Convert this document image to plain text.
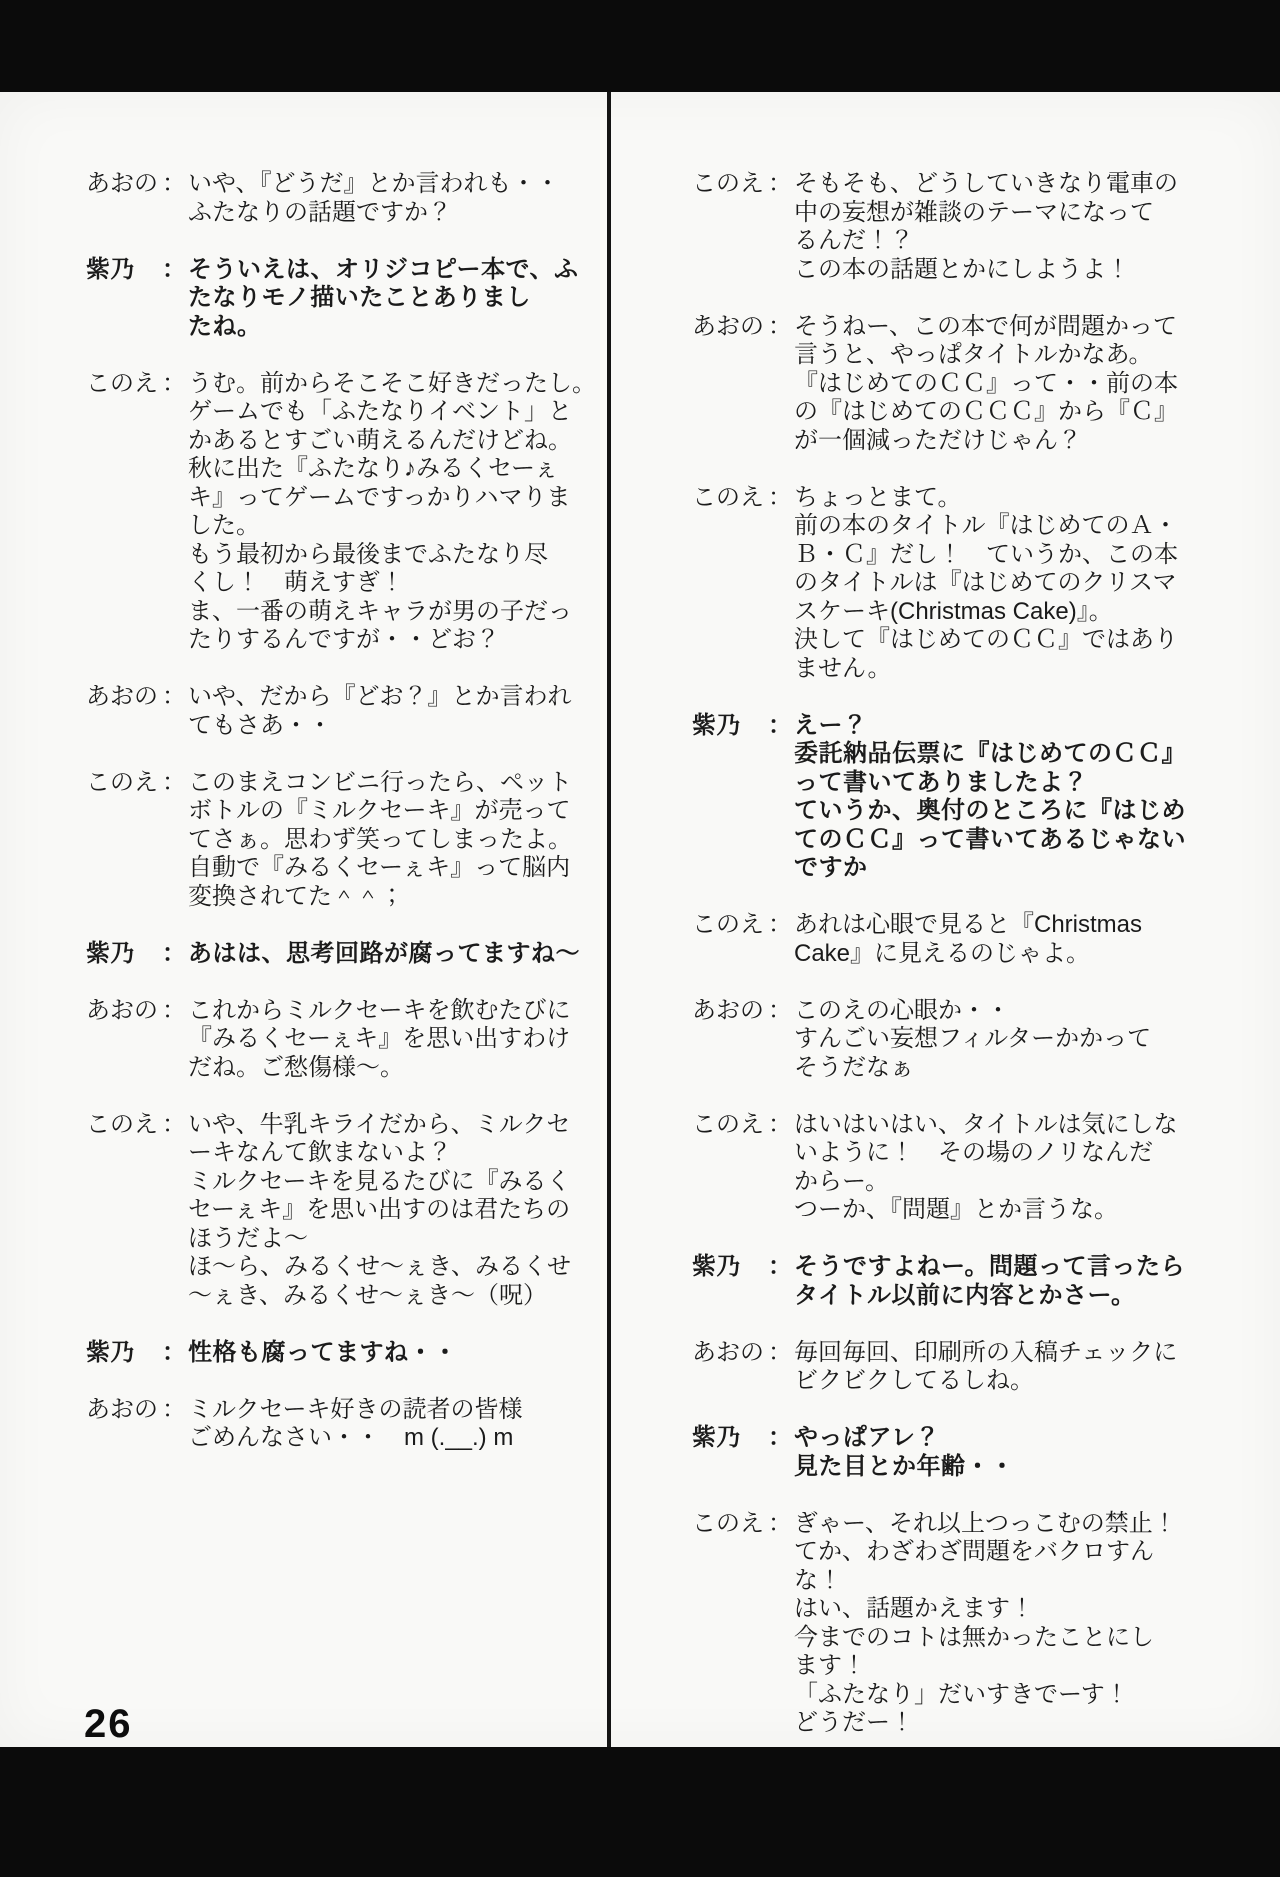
あおの ： いや、『どうだ』とか言われも・・
ふたなりの話題ですか？
紫乃	： そういえは、オリジコピー本で、ふ
たなりモノ描いたことありまし
たね。
このえ ： うむ。前からそこそこ好きだったし。
ゲームでも「ふたなりイベント」と
かあるとすごい萌えるんだけどね。
秋に出た『ふたなり♪みるくセーぇ
キ』ってゲームですっかりハマりま
した。
もう最初から最後までふたなり尽
くし！　萌えすぎ！
ま、一番の萌えキャラが男の子だっ
たりするんですが・・どお？
あおの ： いや、だから『どお？』とか言われ
てもさあ・・
このえ ： このまえコンビニ行ったら、ペット
ボトルの『ミルクセーキ』が売って
てさぁ。思わず笑ってしまったよ。
自動で『みるくセーぇキ』って脳内
変換されてた＾＾；
紫乃	： あはは、思考回路が腐ってますね～
あおの ： これからミルクセーキを飲むたびに
『みるくセーぇキ』を思い出すわけ
だね。ご愁傷様～。
このえ ： いや、牛乳キライだから、ミルクセ
ーキなんて飲まないよ？
ミルクセーキを見るたびに『みるく
セーぇキ』を思い出すのは君たちの
ほうだよ～
ほ～ら、みるくせ～ぇき、みるくせ
～ぇき、みるくせ～ぇき～（呪）
紫乃	： 性格も腐ってますね・・
あおの ： ミルクセーキ好きの読者の皆様
ごめんなさい・・　m (.__.) m
このえ ： そもそも、どうしていきなり電車の
中の妄想が雑談のテーマになって
るんだ！？
この本の話題とかにしようよ！
あおの ： そうねー、この本で何が問題かって
言うと、やっぱタイトルかなあ。
『はじめてのＣＣ』って・・前の本
の『はじめてのＣＣＣ』から『Ｃ』
が一個減っただけじゃん？
このえ ： ちょっとまて。
前の本のタイトル『はじめてのＡ・
Ｂ・Ｃ』だし！　ていうか、この本
のタイトルは『はじめてのクリスマ
スケーキ(Christmas Cake)』。
決して『はじめてのＣＣ』ではあり
ません。
紫乃	： えー？
委託納品伝票に『はじめてのＣＣ』
って書いてありましたよ？
ていうか、奥付のところに『はじめ
てのＣＣ』って書いてあるじゃない
ですか
このえ ： あれは心眼で見ると『Christmas
Cake』に見えるのじゃよ。
あおの ： このえの心眼か・・
すんごい妄想フィルターかかって
そうだなぁ
このえ ： はいはいはい、タイトルは気にしな
いように！　その場のノリなんだ
からー。
つーか、『問題』とか言うな。
紫乃	： そうですよねー。問題って言ったら
タイトル以前に内容とかさー。
あおの ： 毎回毎回、印刷所の入稿チェックに
ビクビクしてるしね。
紫乃	： やっぱアレ？
見た目とか年齢・・
このえ ： ぎゃー、それ以上つっこむの禁止！
てか、わざわざ問題をバクロすん
な！
はい、話題かえます！
今までのコトは無かったことにし
ます！
「ふたなり」だいすきでーす！
どうだー！
26
